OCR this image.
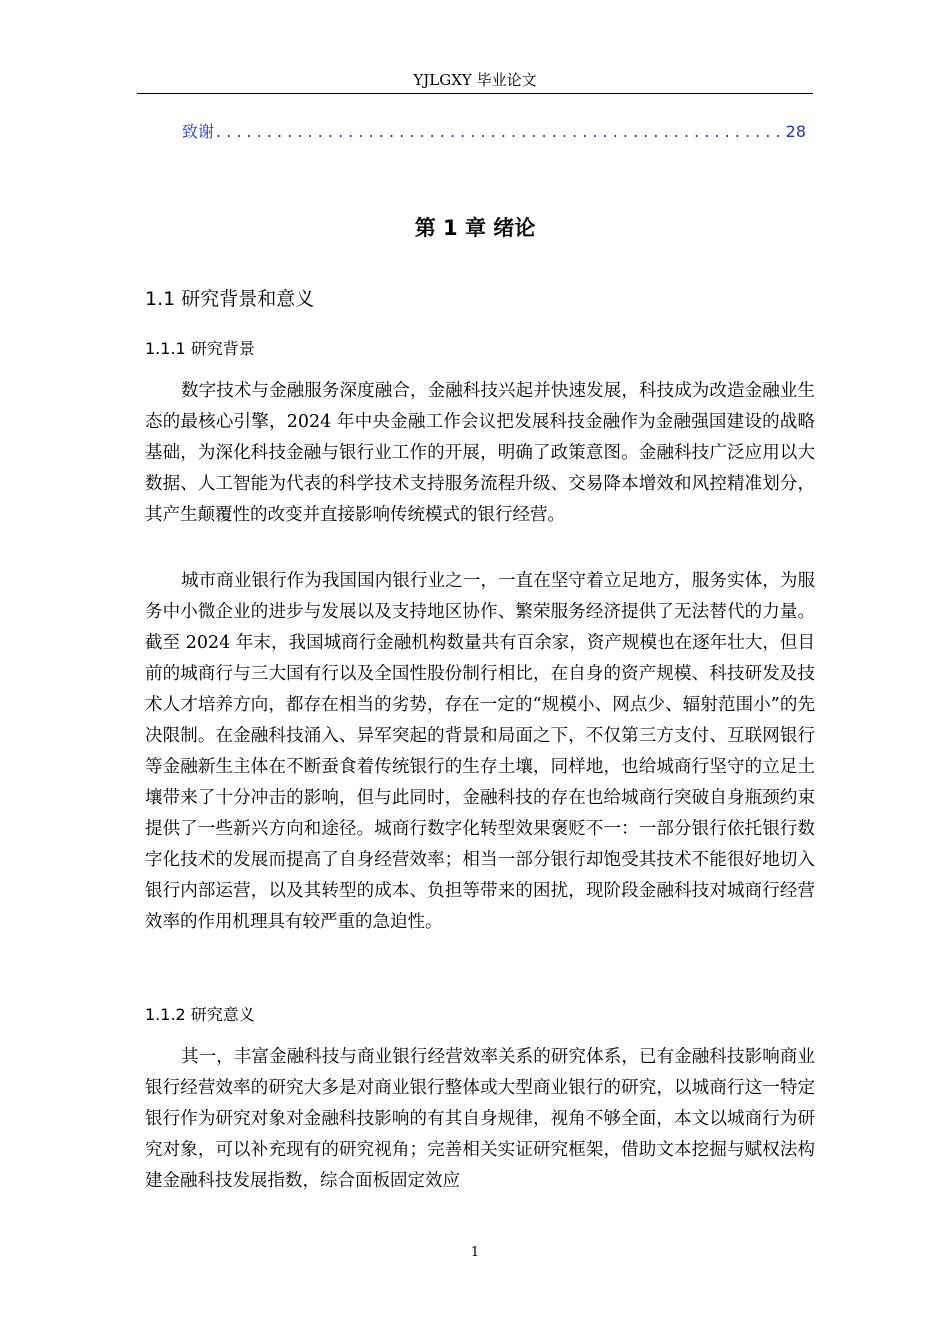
YJLGXY 毕业论文
致谢
. . .	28
第 1 章 绪论
1.1 研究背景和意义
1.1.1 研究背景

数字技术与金融服务深度融合，金融科技兴起并快速发展，科技成为改造金融业生态的最核心引擎，2024 年中央金融工作会议把发展科技金融作为金融强国建设的战略基础，为深化科技金融与银行业工作的开展，明确了政策意图。金融科技广泛应用以大数据、人工智能为代表的科学技术支持服务流程升级、交易降本增效和风控精准划分，其产生颠覆性的改变并直接影响传统模式的银行经营。

城市商业银行作为我国国内银行业之一，一直在坚守着立足地方，服务实体，为服务中小微企业的进步与发展以及支持地区协作、繁荣服务经济提供了无法替代的力量。截至 2024 年末，我国城商行金融机构数量共有百余家，资产规模也在逐年壮大，但目前的城商行与三大国有行以及全国性股份制行相比，在自身的资产规模、科技研发及技术人才培养方向，都存在相当的劣势，存在一定的“规模小、网点少、辐射范围小”的先决限制。在金融科技涌入、异军突起的背景和局面之下，不仅第三方支付、互联网银行等金融新生主体在不断蚕食着传统银行的生存土壤，同样地，也给城商行坚守的立足土壤带来了十分冲击的影响，但与此同时，金融科技的存在也给城商行突破自身瓶颈约束提供了一些新兴方向和途径。城商行数字化转型效果褒贬不一：一部分银行依托银行数字化技术的发展而提高了自身经营效率；相当一部分银行却饱受其技术不能很好地切入银行内部运营，以及其转型的成本、负担等带来的困扰，现阶段金融科技对城商行经营效率的作用机理具有较严重的急迫性。

1.1.2 研究意义

其一，丰富金融科技与商业银行经营效率关系的研究体系，已有金融科技影响商业银行经营效率的研究大多是对商业银行整体或大型商业银行的研究，以城商行这一特定银行作为研究对象对金融科技影响的有其自身规律，视角不够全面，本文以城商行为研究对象，可以补充现有的研究视角；完善相关实证研究框架，借助文本挖掘与赋权法构建金融科技发展指数，综合面板固定效应

1
